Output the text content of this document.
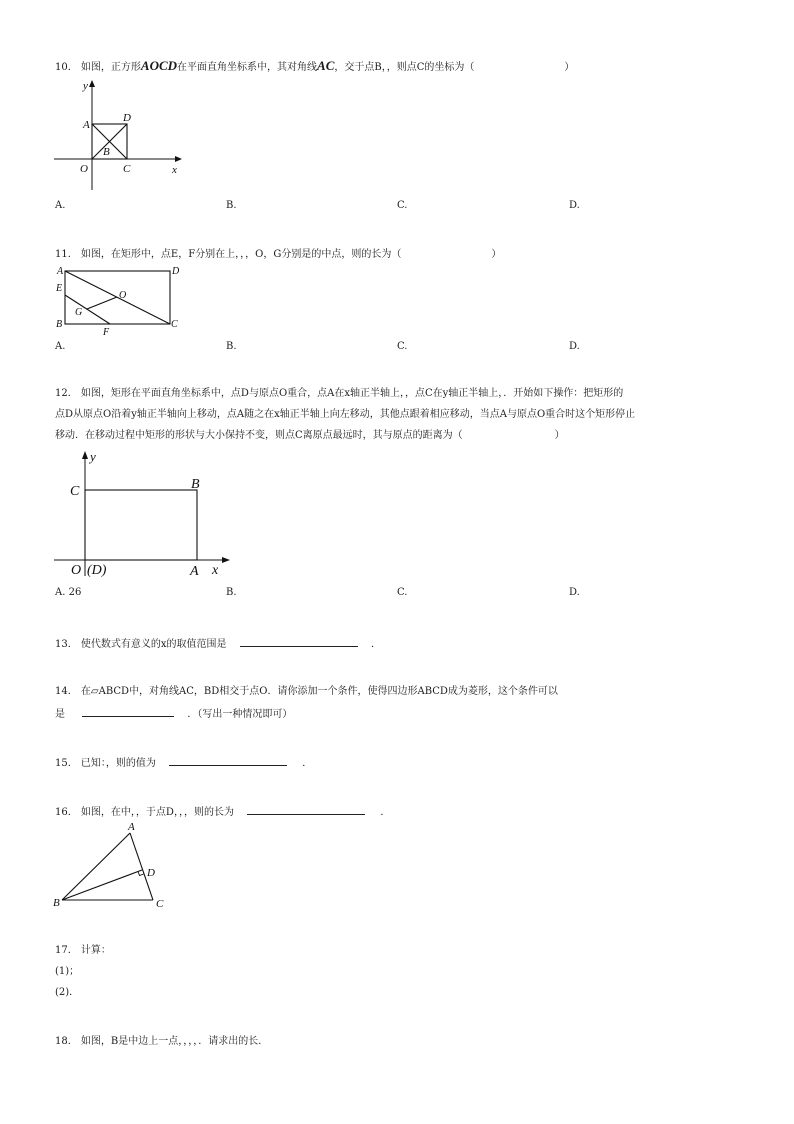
10． 如图，正方形AOCD在平面直角坐标系中，其对角线AC，交于点B，，则点C的坐标为（	）
y
A
D
B
O	C	x
A.	B.	C.	D.
11． 如图，在矩形中，点E，F分别在上，，，O，G分别是的中点，则的长为（	）
A	D
E
O
G
B
F
C
A.	B.	C.	D.
12． 如图，矩形在平面直角坐标系中，点D与原点O重合，点A在x轴正半轴上，，点C在y轴正半轴上，．开始如下操作：把矩形的
点D从原点O沿着y轴正半轴向上移动，点A随之在x轴正半轴上向左移动，其他点跟着相应移动，当点A与原点O重合时这个矩形停止
移动．在移动过程中矩形的形状与大小保持不变，则点C离原点最远时，其与原点的距离为（	）
y
C	B
O (D)	A x
A. 26	B.	C.	D.
13． 使代数式有意义的x的取值范围是	．
14． 在▱ABCD中，对角线AC，BD相交于点O．请你添加一个条件，使得四边形ABCD成为菱形，这个条件可以
是	．（写出一种情况即可）
15． 已知：，则的值为	．
16． 如图，在中，，于点D，，，则的长为	．
A
D
B	C
17． 计算：
(1)；
(2)．
18． 如图，B是中边上一点，，，，．请求出的长．
